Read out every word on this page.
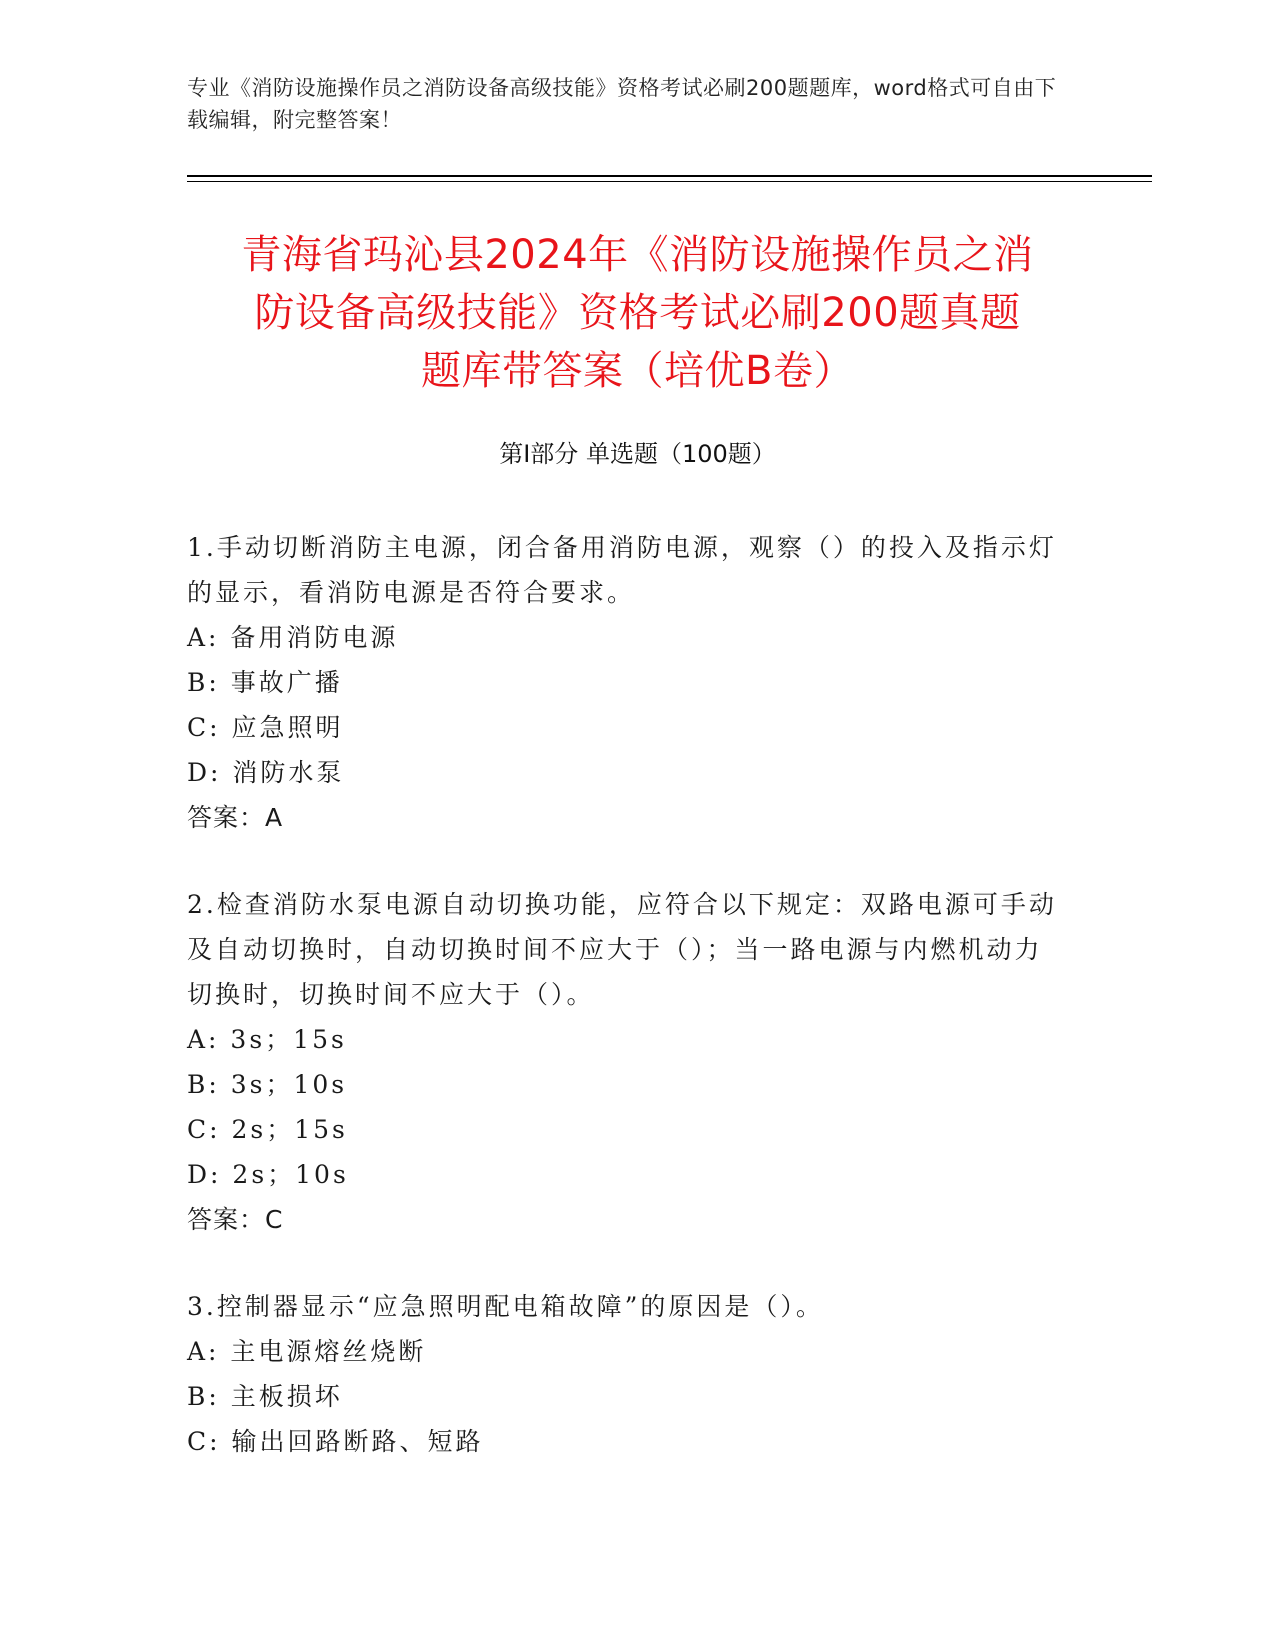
专业《消防设施操作员之消防设备高级技能》资格考试必刷200题题库，word格式可自由下载编辑，附完整答案！
青海省玛沁县2024年《消防设施操作员之消
防设备高级技能》资格考试必刷200题真题
题库带答案（培优B卷）
第Ⅰ部分 单选题（100题）

1.手动切断消防主电源，闭合备用消防电源，观察（）的投入及指示灯的显示，看消防电源是否符合要求。

A: 备用消防电源

B: 事故广播

C: 应急照明

D: 消防水泵

答案：A

2.检查消防水泵电源自动切换功能，应符合以下规定：双路电源可手动及自动切换时，自动切换时间不应大于（）；当一路电源与内燃机动力切换时，切换时间不应大于（）。

A: 3s；15s

B: 3s；10s

C: 2s；15s

D: 2s；10s

答案：C

3.控制器显示“应急照明配电箱故障”的原因是（）。

A: 主电源熔丝烧断

B: 主板损坏

C: 输出回路断路、短路
